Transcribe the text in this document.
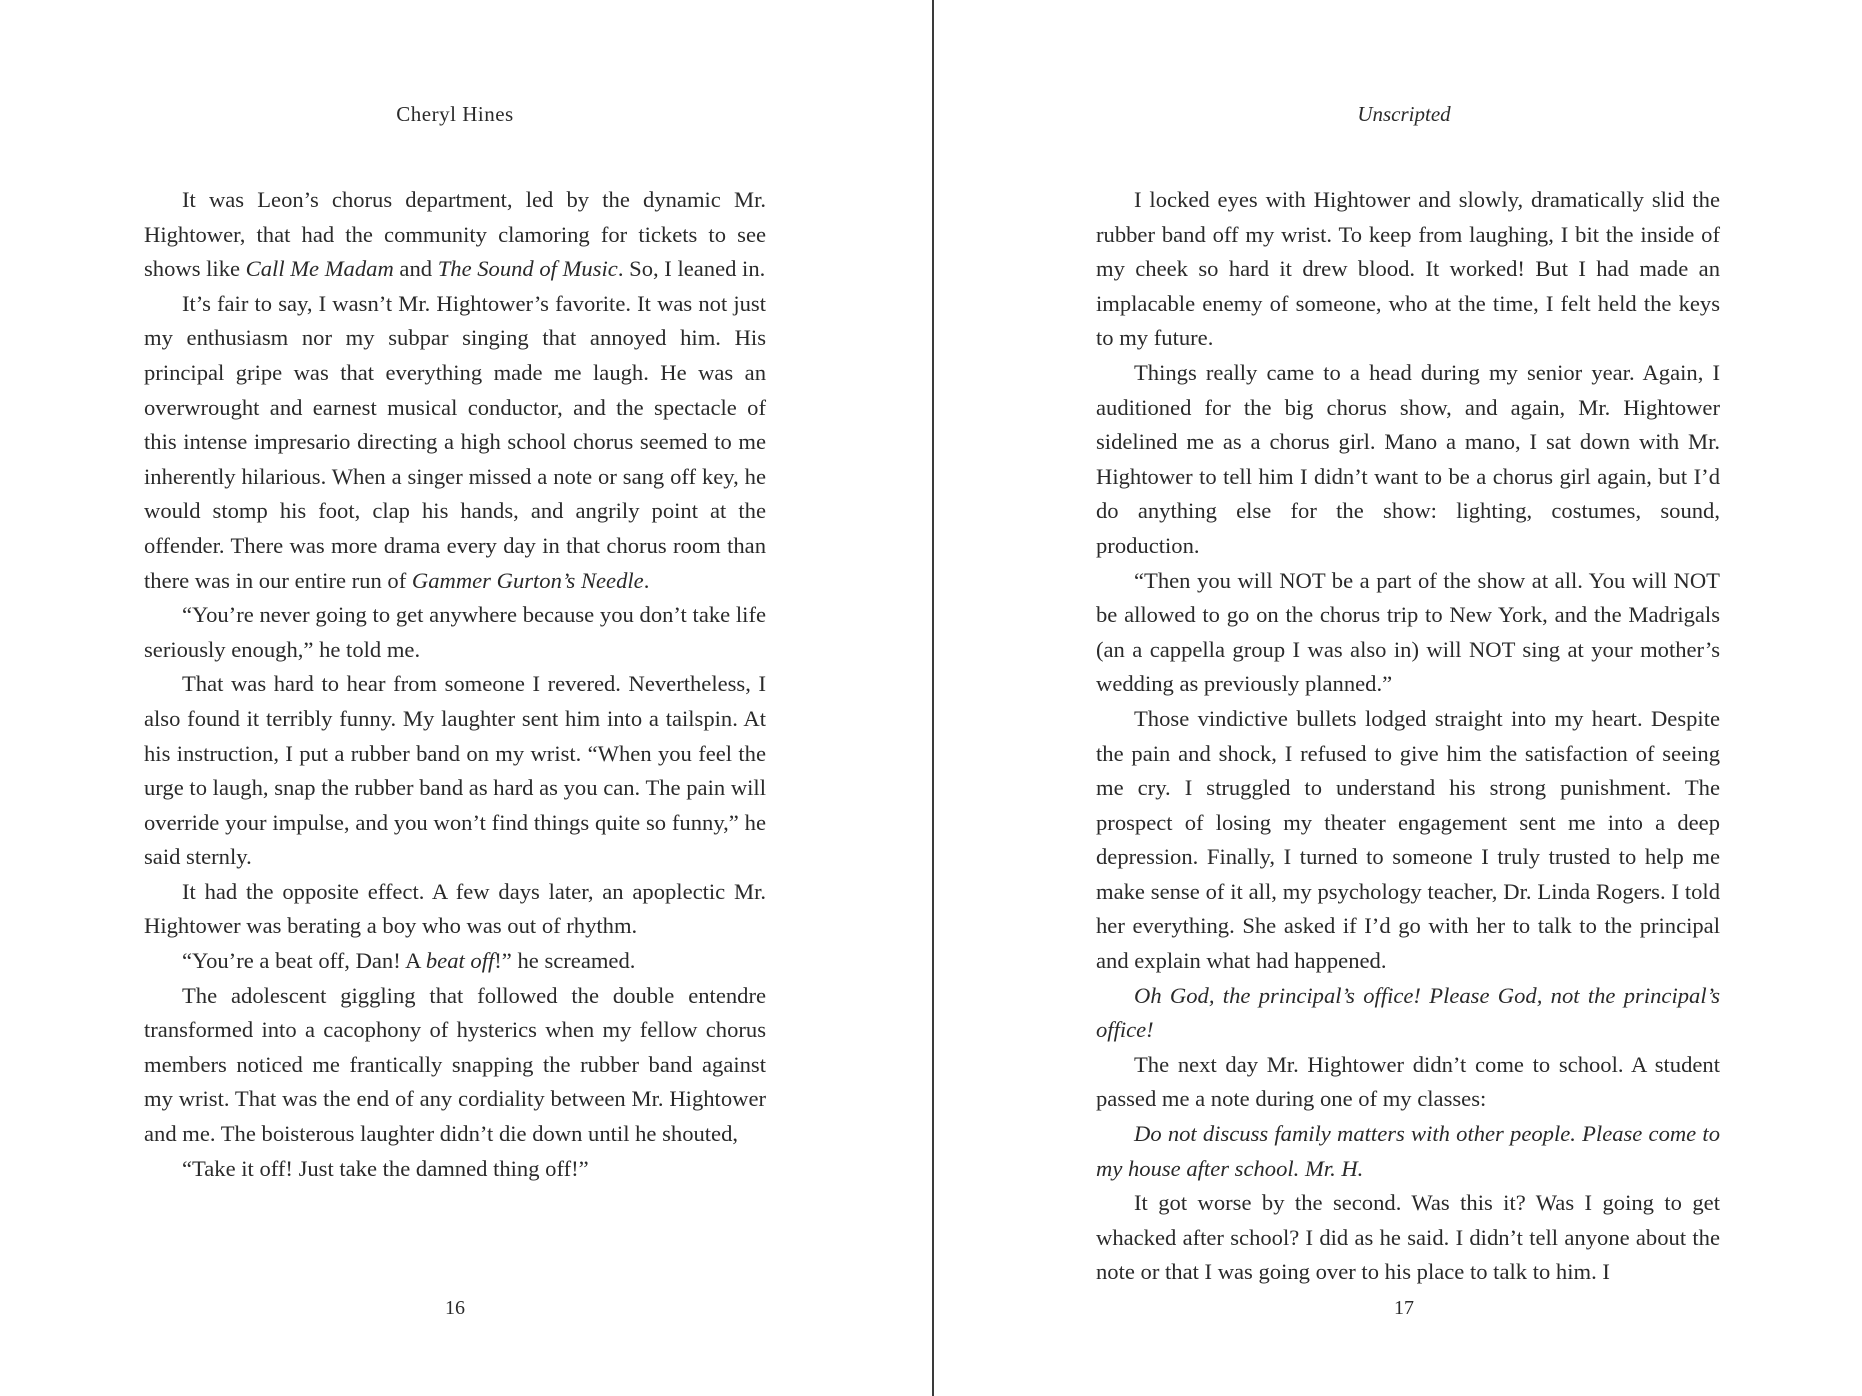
Cheryl Hines

It was Leon’s chorus department, led by the dynamic Mr. Hightower, that had the community clamoring for tickets to see shows like Call Me Madam and The Sound of Music. So, I leaned in.

It’s fair to say, I wasn’t Mr. Hightower’s favorite. It was not just my enthusiasm nor my subpar singing that annoyed him. His principal gripe was that everything made me laugh. He was an overwrought and earnest musical conductor, and the spectacle of this intense impresario directing a high school chorus seemed to me inherently hilarious. When a singer missed a note or sang off key, he would stomp his foot, clap his hands, and angrily point at the offender. There was more drama every day in that chorus room than there was in our entire run of Gammer Gurton’s Needle.

“You’re never going to get anywhere because you don’t take life seriously enough,” he told me.

That was hard to hear from someone I revered. Nevertheless, I also found it terribly funny. My laughter sent him into a tailspin. At his instruction, I put a rubber band on my wrist. “When you feel the urge to laugh, snap the rubber band as hard as you can. The pain will override your impulse, and you won’t find things quite so funny,” he said sternly.

It had the opposite effect. A few days later, an apoplectic Mr. Hightower was berating a boy who was out of rhythm.

“You’re a beat off, Dan! A beat off!” he screamed.

The adolescent giggling that followed the double entendre transformed into a cacophony of hysterics when my fellow chorus members noticed me frantically snapping the rubber band against my wrist. That was the end of any cordiality between Mr. Hightower and me. The boisterous laughter didn’t die down until he shouted,

“Take it off! Just take the damned thing off!”

16
Unscripted

I locked eyes with Hightower and slowly, dramatically slid the rubber band off my wrist. To keep from laughing, I bit the inside of my cheek so hard it drew blood. It worked! But I had made an implacable enemy of someone, who at the time, I felt held the keys to my future.

Things really came to a head during my senior year. Again, I auditioned for the big chorus show, and again, Mr. Hightower sidelined me as a chorus girl. Mano a mano, I sat down with Mr. Hightower to tell him I didn’t want to be a chorus girl again, but I’d do anything else for the show: lighting, costumes, sound, production.

“Then you will NOT be a part of the show at all. You will NOT be allowed to go on the chorus trip to New York, and the Madrigals (an a cappella group I was also in) will NOT sing at your mother’s wedding as previously planned.”

Those vindictive bullets lodged straight into my heart. Despite the pain and shock, I refused to give him the satisfaction of seeing me cry. I struggled to understand his strong punishment. The prospect of losing my theater engagement sent me into a deep depression. Finally, I turned to someone I truly trusted to help me make sense of it all, my psychology teacher, Dr. Linda Rogers. I told her everything. She asked if I’d go with her to talk to the principal and explain what had happened.

Oh God, the principal’s office! Please God, not the principal’s office!

The next day Mr. Hightower didn’t come to school. A student passed me a note during one of my classes:

Do not discuss family matters with other people. Please come to my house after school. Mr. H.

It got worse by the second. Was this it? Was I going to get whacked after school? I did as he said. I didn’t tell anyone about the note or that I was going over to his place to talk to him. I

17
